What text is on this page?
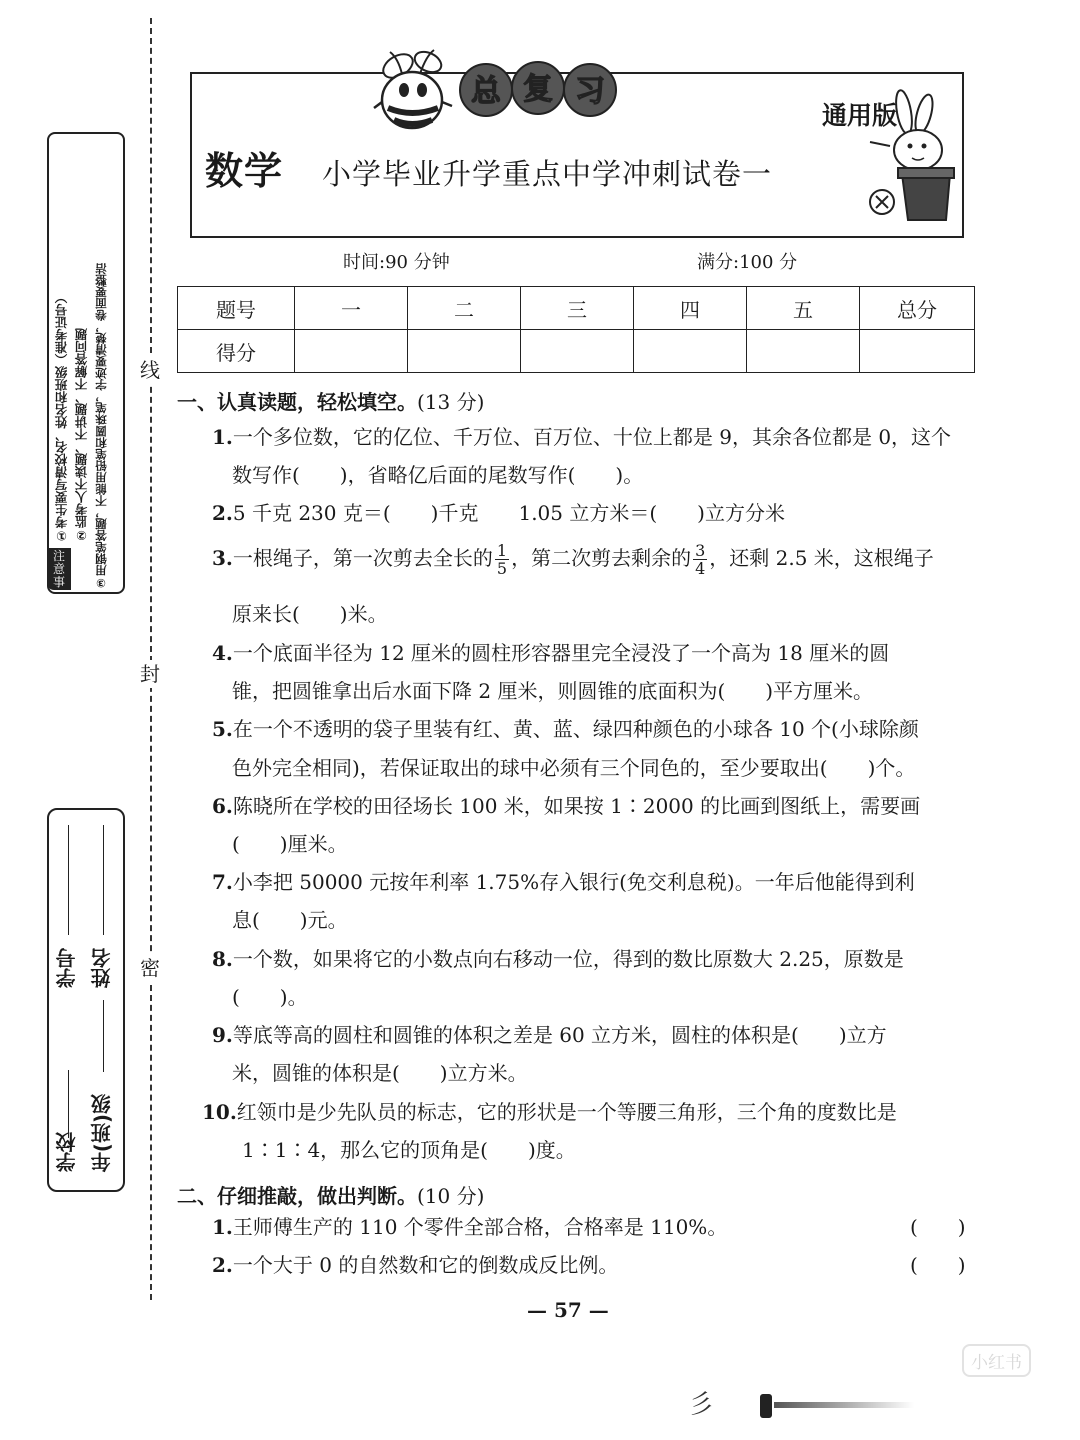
线
封
密
注
意
事
①考生要写清校名、姓名和班级（准考证号） ②监考人不读题、不讲题、不解答问题 ③用钢笔答题，不能用铅笔和圆珠笔，字迹要清楚，卷面要整洁
学校
学号
年(班)级
姓名
总 复 习
数学 小学毕业升学重点中学冲刺试卷一
通用版
时间:90 分钟	满分:100 分
题号	一	二	三	四	五	总分
得分						
一、认真读题，轻松填空。(13 分)
1.一个多位数，它的亿位、千万位、百万位、十位上都是 9，其余各位都是 0，这个
数写作(　　)，省略亿后面的尾数写作(　　)。
2.5 千克 230 克＝(　　)千克　　1.05 立方米＝(　　)立方分米
3.一根绳子，第一次剪去全长的 $\frac{1}{5}$ ，第二次剪去剩余的 $\frac{3}{4}$ ，还剩 2.5 米，这根绳子
原来长(　　)米。
4.一个底面半径为 12 厘米的圆柱形容器里完全浸没了一个高为 18 厘米的圆
锥，把圆锥拿出后水面下降 2 厘米，则圆锥的底面积为(　　)平方厘米。
5.在一个不透明的袋子里装有红、黄、蓝、绿四种颜色的小球各 10 个(小球除颜
色外完全相同)，若保证取出的球中必须有三个同色的，至少要取出(　　)个。
6.陈晓所在学校的田径场长 100 米，如果按 1∶2000 的比画到图纸上，需要画
(　　)厘米。
7.小李把 50000 元按年利率 1.75%存入银行(免交利息税)。一年后他能得到利
息(　　)元。
8.一个数，如果将它的小数点向右移动一位，得到的数比原数大 2.25，原数是
(　　)。
9.等底等高的圆柱和圆锥的体积之差是 60 立方米，圆柱的体积是(　　)立方
米，圆锥的体积是(　　)立方米。
10.红领巾是少先队员的标志，它的形状是一个等腰三角形，三个角的度数比是
1∶1∶4，那么它的顶角是(　　)度。
二、仔细推敲，做出判断。(10 分)
1.王师傅生产的 110 个零件全部合格，合格率是 110%。	(　　)
2.一个大于 0 的自然数和它的倒数成反比例。	(　　)
— 57 —
小红书
彡
